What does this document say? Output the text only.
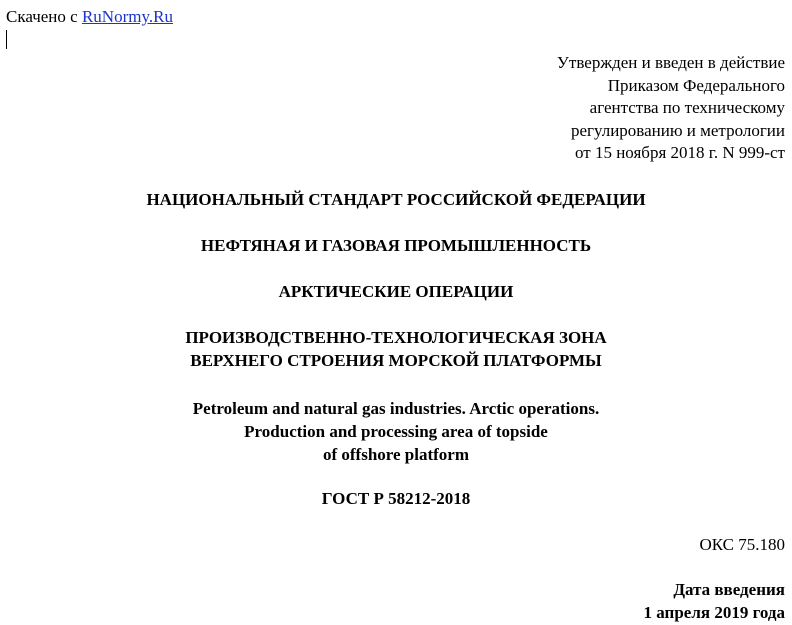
Скачено с RuNormy.Ru
Утвержден и введен в действие
Приказом Федерального
агентства по техническому
регулированию и метрологии
от 15 ноября 2018 г. N 999-ст
НАЦИОНАЛЬНЫЙ СТАНДАРТ РОССИЙСКОЙ ФЕДЕРАЦИИ
НЕФТЯНАЯ И ГАЗОВАЯ ПРОМЫШЛЕННОСТЬ
АРКТИЧЕСКИЕ ОПЕРАЦИИ
ПРОИЗВОДСТВЕННО-ТЕХНОЛОГИЧЕСКАЯ ЗОНА
ВЕРХНЕГО СТРОЕНИЯ МОРСКОЙ ПЛАТФОРМЫ
Petroleum and natural gas industries. Arctic operations.
Production and processing area of topside
of offshore platform
ГОСТ Р 58212-2018
ОКС 75.180
Дата введения
1 апреля 2019 года
